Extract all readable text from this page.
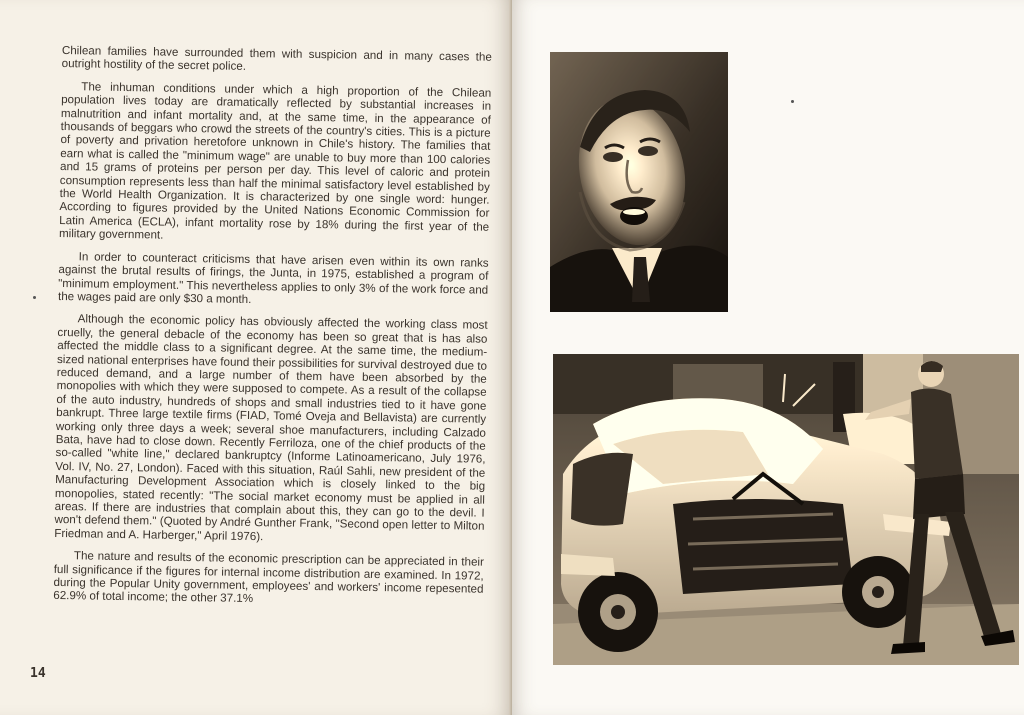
Chilean families have surrounded them with suspicion and in many cases the outright hostility of the secret police.

The inhuman conditions under which a high proportion of the Chilean population lives today are dramatically reflected by substantial increases in malnutrition and infant mortality and, at the same time, in the appearance of thousands of beggars who crowd the streets of the country's cities. This is a picture of poverty and privation heretofore unknown in Chile's history. The families that earn what is called the "minimum wage" are unable to buy more than 100 calories and 15 grams of proteins per person per day. This level of caloric and protein consumption represents less than half the minimal satisfactory level established by the World Health Organization. It is characterized by one single word: hunger. According to figures provided by the United Nations Economic Commission for Latin America (ECLA), infant mortality rose by 18% during the first year of the military government.

In order to counteract criticisms that have arisen even within its own ranks against the brutal results of firings, the Junta, in 1975, established a program of "minimum employment." This nevertheless applies to only 3% of the work force and the wages paid are only $30 a month.

Although the economic policy has obviously affected the working class most cruelly, the general debacle of the economy has been so great that is has also affected the middle class to a significant degree. At the same time, the medium-sized national enterprises have found their possibilities for survival destroyed due to reduced demand, and a large number of them have been absorbed by the monopolies with which they were supposed to compete. As a result of the collapse of the auto industry, hundreds of shops and small industries tied to it have gone bankrupt. Three large textile firms (FIAD, Tomé Oveja and Bellavista) are currently working only three days a week; several shoe manufacturers, including Calzado Bata, have had to close down. Recently Ferriloza, one of the chief products of the so-called "white line," declared bankruptcy (Informe Latinoamericano, July 1976, Vol. IV, No. 27, London). Faced with this situation, Raúl Sahli, new president of the Manufacturing Development Association which is closely linked to the big monopolies, stated recently: "The social market economy must be applied in all areas. If there are industries that complain about this, they can go to the devil. I won't defend them." (Quoted by André Gunther Frank, "Second open letter to Milton Friedman and A. Harberger," April 1976).

The nature and results of the economic prescription can be appreciated in their full significance if the figures for internal income distribution are examined. In 1972, during the Popular Unity government, employees' and workers' income repesented 62.9% of total income; the other 37.1%

14
